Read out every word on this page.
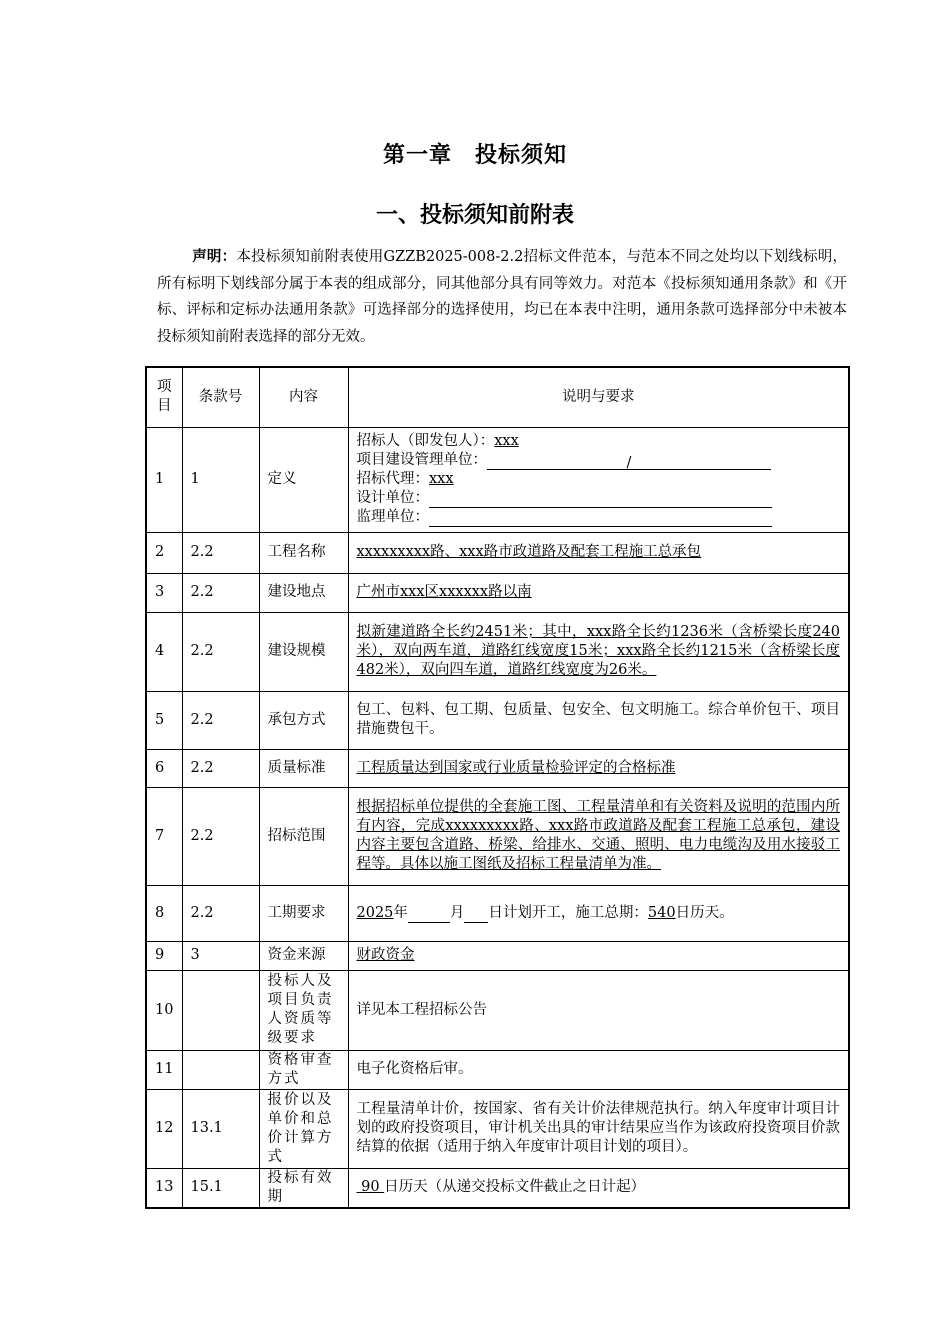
第一章　投标须知
一、投标须知前附表
声明：本投标须知前附表使用GZZB2025-008-2.2招标文件范本，与范本不同之处均以下划线标明，所有标明下划线部分属于本表的组成部分，同其他部分具有同等效力。对范本《投标须知通用条款》和《开标、评标和定标办法通用条款》可选择部分的选择使用，均已在本表中注明，通用条款可选择部分中未被本投标须知前附表选择的部分无效。
项目	条款号	内容	说明与要求
1	1	定义	招标人（即发包人）：xxx
项目建设管理单位： /
招标代理：xxx
设计单位：
监理单位：

2	2.2	工程名称	xxxxxxxxx路、xxx路市政道路及配套工程施工总承包
3	2.2	建设地点	广州市xxx区xxxxxx路以南
4	2.2	建设规模	拟新建道路全长约2451米；其中，xxx路全长约1236米（含桥梁长度240米），双向两车道，道路红线宽度15米；xxx路全长约1215米（含桥梁长度482米），双向四车道，道路红线宽度为26米。
5	2.2	承包方式	包工、包料、包工期、包质量、包安全、包文明施工。综合单价包干、项目措施费包干。
6	2.2	质量标准	工程质量达到国家或行业质量检验评定的合格标准
7	2.2	招标范围	根据招标单位提供的全套施工图、工程量清单和有关资料及说明的范围内所有内容，完成xxxxxxxxx路、xxx路市政道路及配套工程施工总承包，建设内容主要包含道路、桥梁、给排水、交通、照明、电力电缆沟及用水接驳工程等。具体以施工图纸及招标工程量清单为准。
8	2.2	工期要求	2025年 月 日计划开工，施工总期：540日历天。
9	3	资金来源	财政资金
10		投标人及项目负责人资质等级要求	详见本工程招标公告
11		资格审查方式	电子化资格后审。
12	13.1	报价以及单价和总价计算方式	工程量清单计价，按国家、省有关计价法律规范执行。纳入年度审计项目计划的政府投资项目，审计机关出具的审计结果应当作为该政府投资项目价款结算的依据（适用于纳入年度审计项目计划的项目）。
13	15.1	投标有效期	90 日历天（从递交投标文件截止之日计起）
